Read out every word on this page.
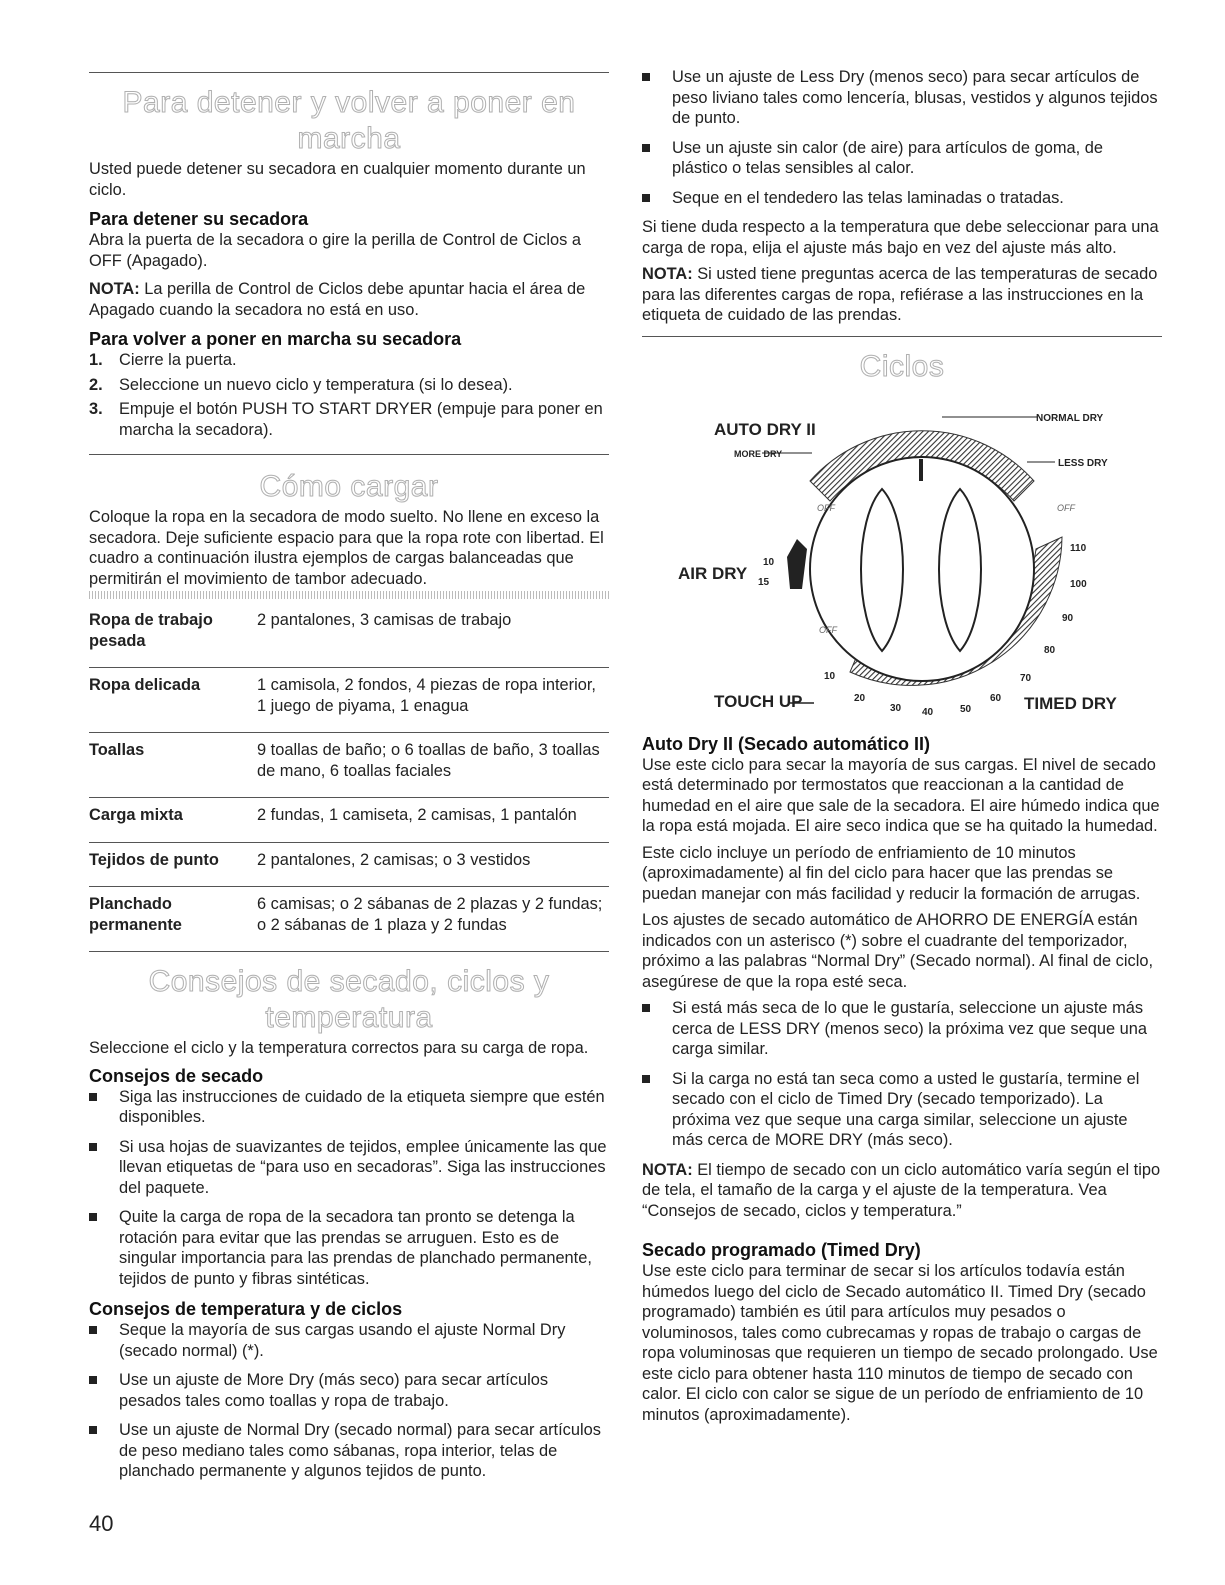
Para detener y volver a poner en marcha

Usted puede detener su secadora en cualquier momento durante un ciclo.

Para detener su secadora

Abra la puerta de la secadora o gire la perilla de Control de Ciclos a OFF (Apagado).

NOTA: La perilla de Control de Ciclos debe apuntar hacia el área de Apagado cuando la secadora no está en uso.

Para volver a poner en marcha su secadora
1. Cierre la puerta.
2. Seleccione un nuevo ciclo y temperatura (si lo desea).
3. Empuje el botón PUSH TO START DRYER (empuje para poner en marcha la secadora).
Cómo cargar

Coloque la ropa en la secadora de modo suelto. No llene en exceso la secadora. Deje suficiente espacio para que la ropa rote con libertad. El cuadro a continuación ilustra ejemplos de cargas balanceadas que permitirán el movimiento de tambor adecuado.

Ropa de trabajo pesada	2 pantalones, 3 camisas de trabajo
Ropa delicada	1 camisola, 2 fondos, 4 piezas de ropa interior, 1 juego de piyama, 1 enagua
Toallas	9 toallas de baño; o 6 toallas de baño, 3 toallas de mano, 6 toallas faciales
Carga mixta	2 fundas, 1 camiseta, 2 camisas, 1 pantalón
Tejidos de punto	2 pantalones, 2 camisas; o 3 vestidos
Planchado permanente	6 camisas; o 2 sábanas de 2 plazas y 2 fundas; o 2 sábanas de 1 plaza y 2 fundas
Consejos de secado, ciclos y temperatura

Seleccione el ciclo y la temperatura correctos para su carga de ropa.

Consejos de secado
Siga las instrucciones de cuidado de la etiqueta siempre que estén disponibles.
Si usa hojas de suavizantes de tejidos, emplee únicamente las que llevan etiquetas de “para uso en secadoras”. Siga las instrucciones del paquete.
Quite la carga de ropa de la secadora tan pronto se detenga la rotación para evitar que las prendas se arruguen. Esto es de singular importancia para las prendas de planchado permanente, tejidos de punto y fibras sintéticas.
Consejos de temperatura y de ciclos
Seque la mayoría de sus cargas usando el ajuste Normal Dry (secado normal) (*).
Use un ajuste de More Dry (más seco) para secar artículos pesados tales como toallas y ropa de trabajo.
Use un ajuste de Normal Dry (secado normal) para secar artículos de peso mediano tales como sábanas, ropa interior, telas de planchado permanente y algunos tejidos de punto.
Use un ajuste de Less Dry (menos seco) para secar artículos de peso liviano tales como lencería, blusas, vestidos y algunos tejidos de punto.
Use un ajuste sin calor (de aire) para artículos de goma, de plástico o telas sensibles al calor.
Seque en el tendedero las telas laminadas o tratadas.

Si tiene duda respecto a la temperatura que debe seleccionar para una carga de ropa, elija el ajuste más bajo en vez del ajuste más alto.

NOTA: Si usted tiene preguntas acerca de las temperaturas de secado para las diferentes cargas de ropa, refiérase a las instrucciones en la etiqueta de cuidado de las prendas.

Ciclos
AUTO DRY II
MORE DRY
NORMAL DRY
LESS DRY
OFF	OFF
OFF
AIR DRY
10
15
TOUCH UP	TIMED DRY
110
100
90
80
70
60
50
40
30
20
10
Auto Dry II (Secado automático II)

Use este ciclo para secar la mayoría de sus cargas. El nivel de secado está determinado por termostatos que reaccionan a la cantidad de humedad en el aire que sale de la secadora. El aire húmedo indica que la ropa está mojada. El aire seco indica que se ha quitado la humedad.

Este ciclo incluye un período de enfriamiento de 10 minutos (aproximadamente) al fin del ciclo para hacer que las prendas se puedan manejar con más facilidad y reducir la formación de arrugas.

Los ajustes de secado automático de AHORRO DE ENERGÍA están indicados con un asterisco (*) sobre el cuadrante del temporizador, próximo a las palabras “Normal Dry” (Secado normal). Al final de ciclo, asegúrese de que la ropa esté seca.

Si está más seca de lo que le gustaría, seleccione un ajuste más cerca de LESS DRY (menos seco) la próxima vez que seque una carga similar.
Si la carga no está tan seca como a usted le gustaría, termine el secado con el ciclo de Timed Dry (secado temporizado). La próxima vez que seque una carga similar, seleccione un ajuste más cerca de MORE DRY (más seco).

NOTA: El tiempo de secado con un ciclo automático varía según el tipo de tela, el tamaño de la carga y el ajuste de la temperatura. Vea “Consejos de secado, ciclos y temperatura.”

Secado programado (Timed Dry)

Use este ciclo para terminar de secar si los artículos todavía están húmedos luego del ciclo de Secado automático II. Timed Dry (secado programado) también es útil para artículos muy pesados o voluminosos, tales como cubrecamas y ropas de trabajo o cargas de ropa voluminosas que requieren un tiempo de secado prolongado. Use este ciclo para obtener hasta 110 minutos de tiempo de secado con calor. El ciclo con calor se sigue de un período de enfriamiento de 10 minutos (aproximadamente).

40
